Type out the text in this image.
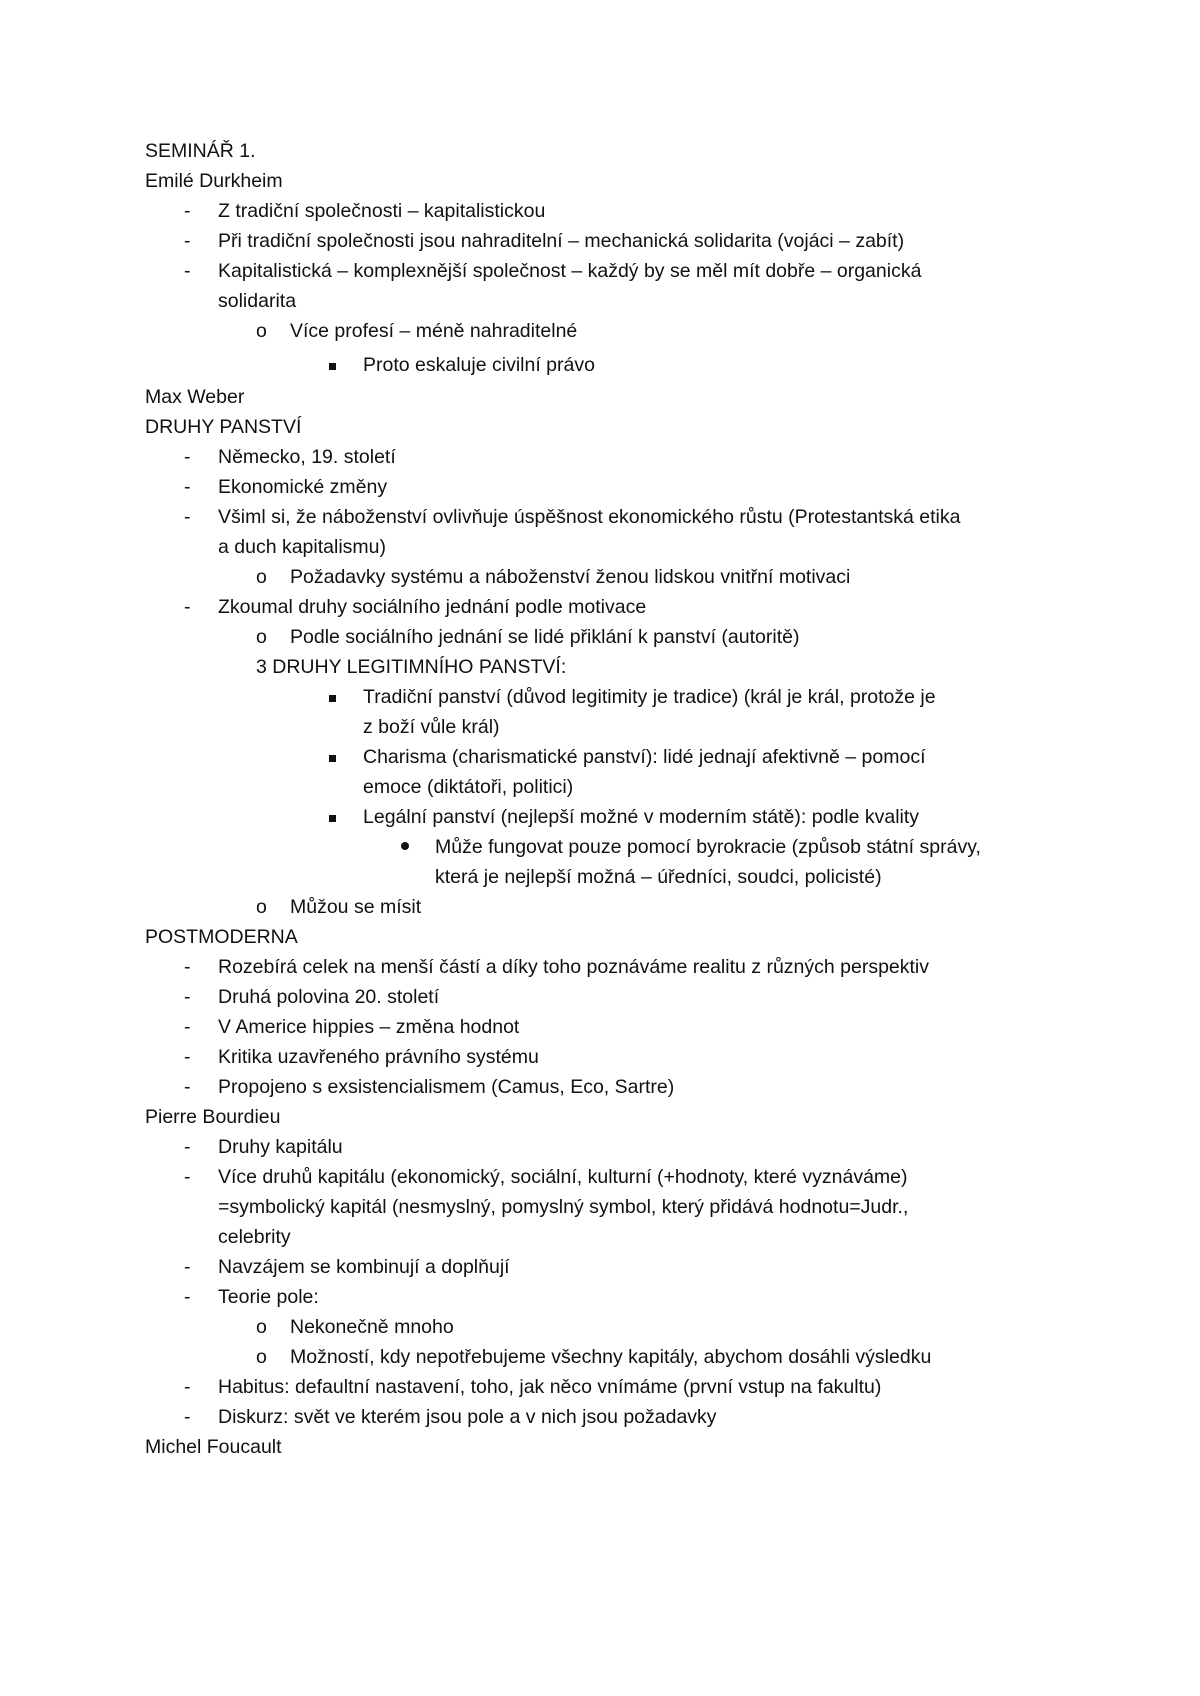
SEMINÁŘ 1.
Emilé Durkheim
- Z tradiční společnosti – kapitalistickou
- Při tradiční společnosti jsou nahraditelní – mechanická solidarita (vojáci – zabít)
- Kapitalistická – komplexnější společnost – každý by se měl mít dobře – organická
solidarita
o Více profesí – méně nahraditelné
Proto eskaluje civilní právo
Max Weber
DRUHY PANSTVÍ
- Německo, 19. století
- Ekonomické změny
- Všiml si, že náboženství ovlivňuje úspěšnost ekonomického růstu (Protestantská etika
a duch kapitalismu)
o Požadavky systému a náboženství ženou lidskou vnitřní motivaci
- Zkoumal druhy sociálního jednání podle motivace
o Podle sociálního jednání se lidé přiklání k panství (autoritě)
3 DRUHY LEGITIMNÍHO PANSTVÍ:
Tradiční panství (důvod legitimity je tradice) (král je král, protože je
z boží vůle král)
Charisma (charismatické panství): lidé jednají afektivně – pomocí
emoce (diktátoři, politici)
Legální panství (nejlepší možné v moderním státě): podle kvality
Může fungovat pouze pomocí byrokracie (způsob státní správy,
která je nejlepší možná – úředníci, soudci, policisté)
o Můžou se mísit
POSTMODERNA
- Rozebírá celek na menší částí a díky toho poznáváme realitu z různých perspektiv
- Druhá polovina 20. století
- V Americe hippies – změna hodnot
- Kritika uzavřeného právního systému
- Propojeno s exsistencialismem (Camus, Eco, Sartre)
Pierre Bourdieu
- Druhy kapitálu
- Více druhů kapitálu (ekonomický, sociální, kulturní (+hodnoty, které vyznáváme)
=symbolický kapitál (nesmyslný, pomyslný symbol, který přidává hodnotu=Judr.,
celebrity
- Navzájem se kombinují a doplňují
- Teorie pole:
o Nekonečně mnoho
o Možností, kdy nepotřebujeme všechny kapitály, abychom dosáhli výsledku
- Habitus: defaultní nastavení, toho, jak něco vnímáme (první vstup na fakultu)
- Diskurz: svět ve kterém jsou pole a v nich jsou požadavky
Michel Foucault
